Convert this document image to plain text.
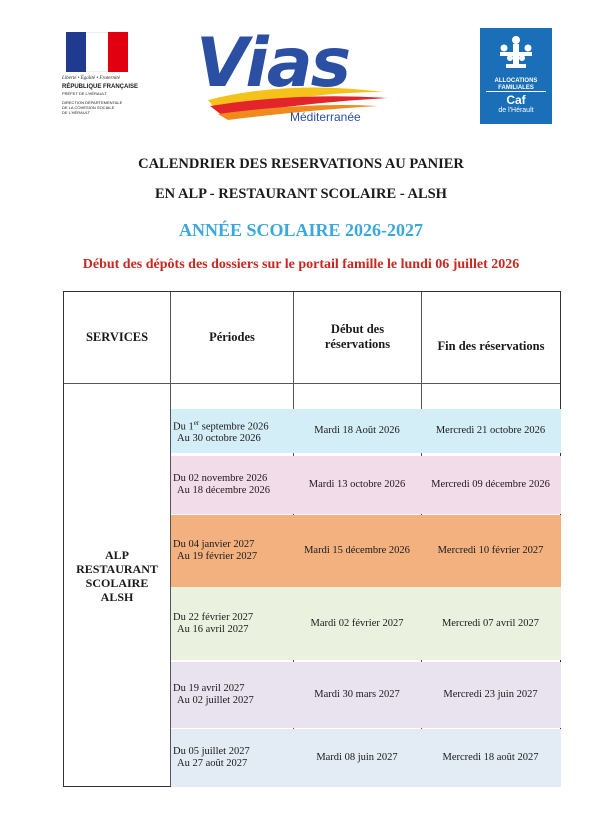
Liberté • Égalité • Fraternité
RÉPUBLIQUE FRANÇAISE
PRÉFET DE L'HÉRAULT
DIRECTION DÉPARTEMENTALE
DE LA COHÉSION SOCIALE
DE L'HÉRAULT
Vias
Méditerranée
ALLOCATIONS
FAMILIALES
Caf
de l'Hérault
CALENDRIER DES RESERVATIONS AU PANIER
EN ALP - RESTAURANT SCOLAIRE - ALSH
ANNÉE SCOLAIRE 2026-2027
Début des dépôts des dossiers sur le portail famille le lundi 06 juillet 2026
SERVICES	Périodes
Début des
réservations	Fin des réservations
ALP
RESTAURANT
SCOLAIRE
ALSH
Du 1er septembre 2026
Au 30 octobre 2026
Mardi 18 Août 2026	Mercredi 21 octobre 2026
Du 02 novembre 2026
Au 18 décembre 2026
Mardi 13 octobre 2026	Mercredi 09 décembre 2026
Du 04 janvier 2027
Au 19 février 2027
Mardi 15 décembre 2026	Mercredi 10 février 2027
Du 22 février 2027
Au 16 avril 2027
Mardi 02 février 2027	Mercredi 07 avril 2027
Du 19 avril 2027
Au 02 juillet 2027
Mardi 30 mars 2027	Mercredi 23 juin 2027
Du 05 juillet 2027
Au 27 août 2027
Mardi 08 juin 2027	Mercredi 18 août 2027
